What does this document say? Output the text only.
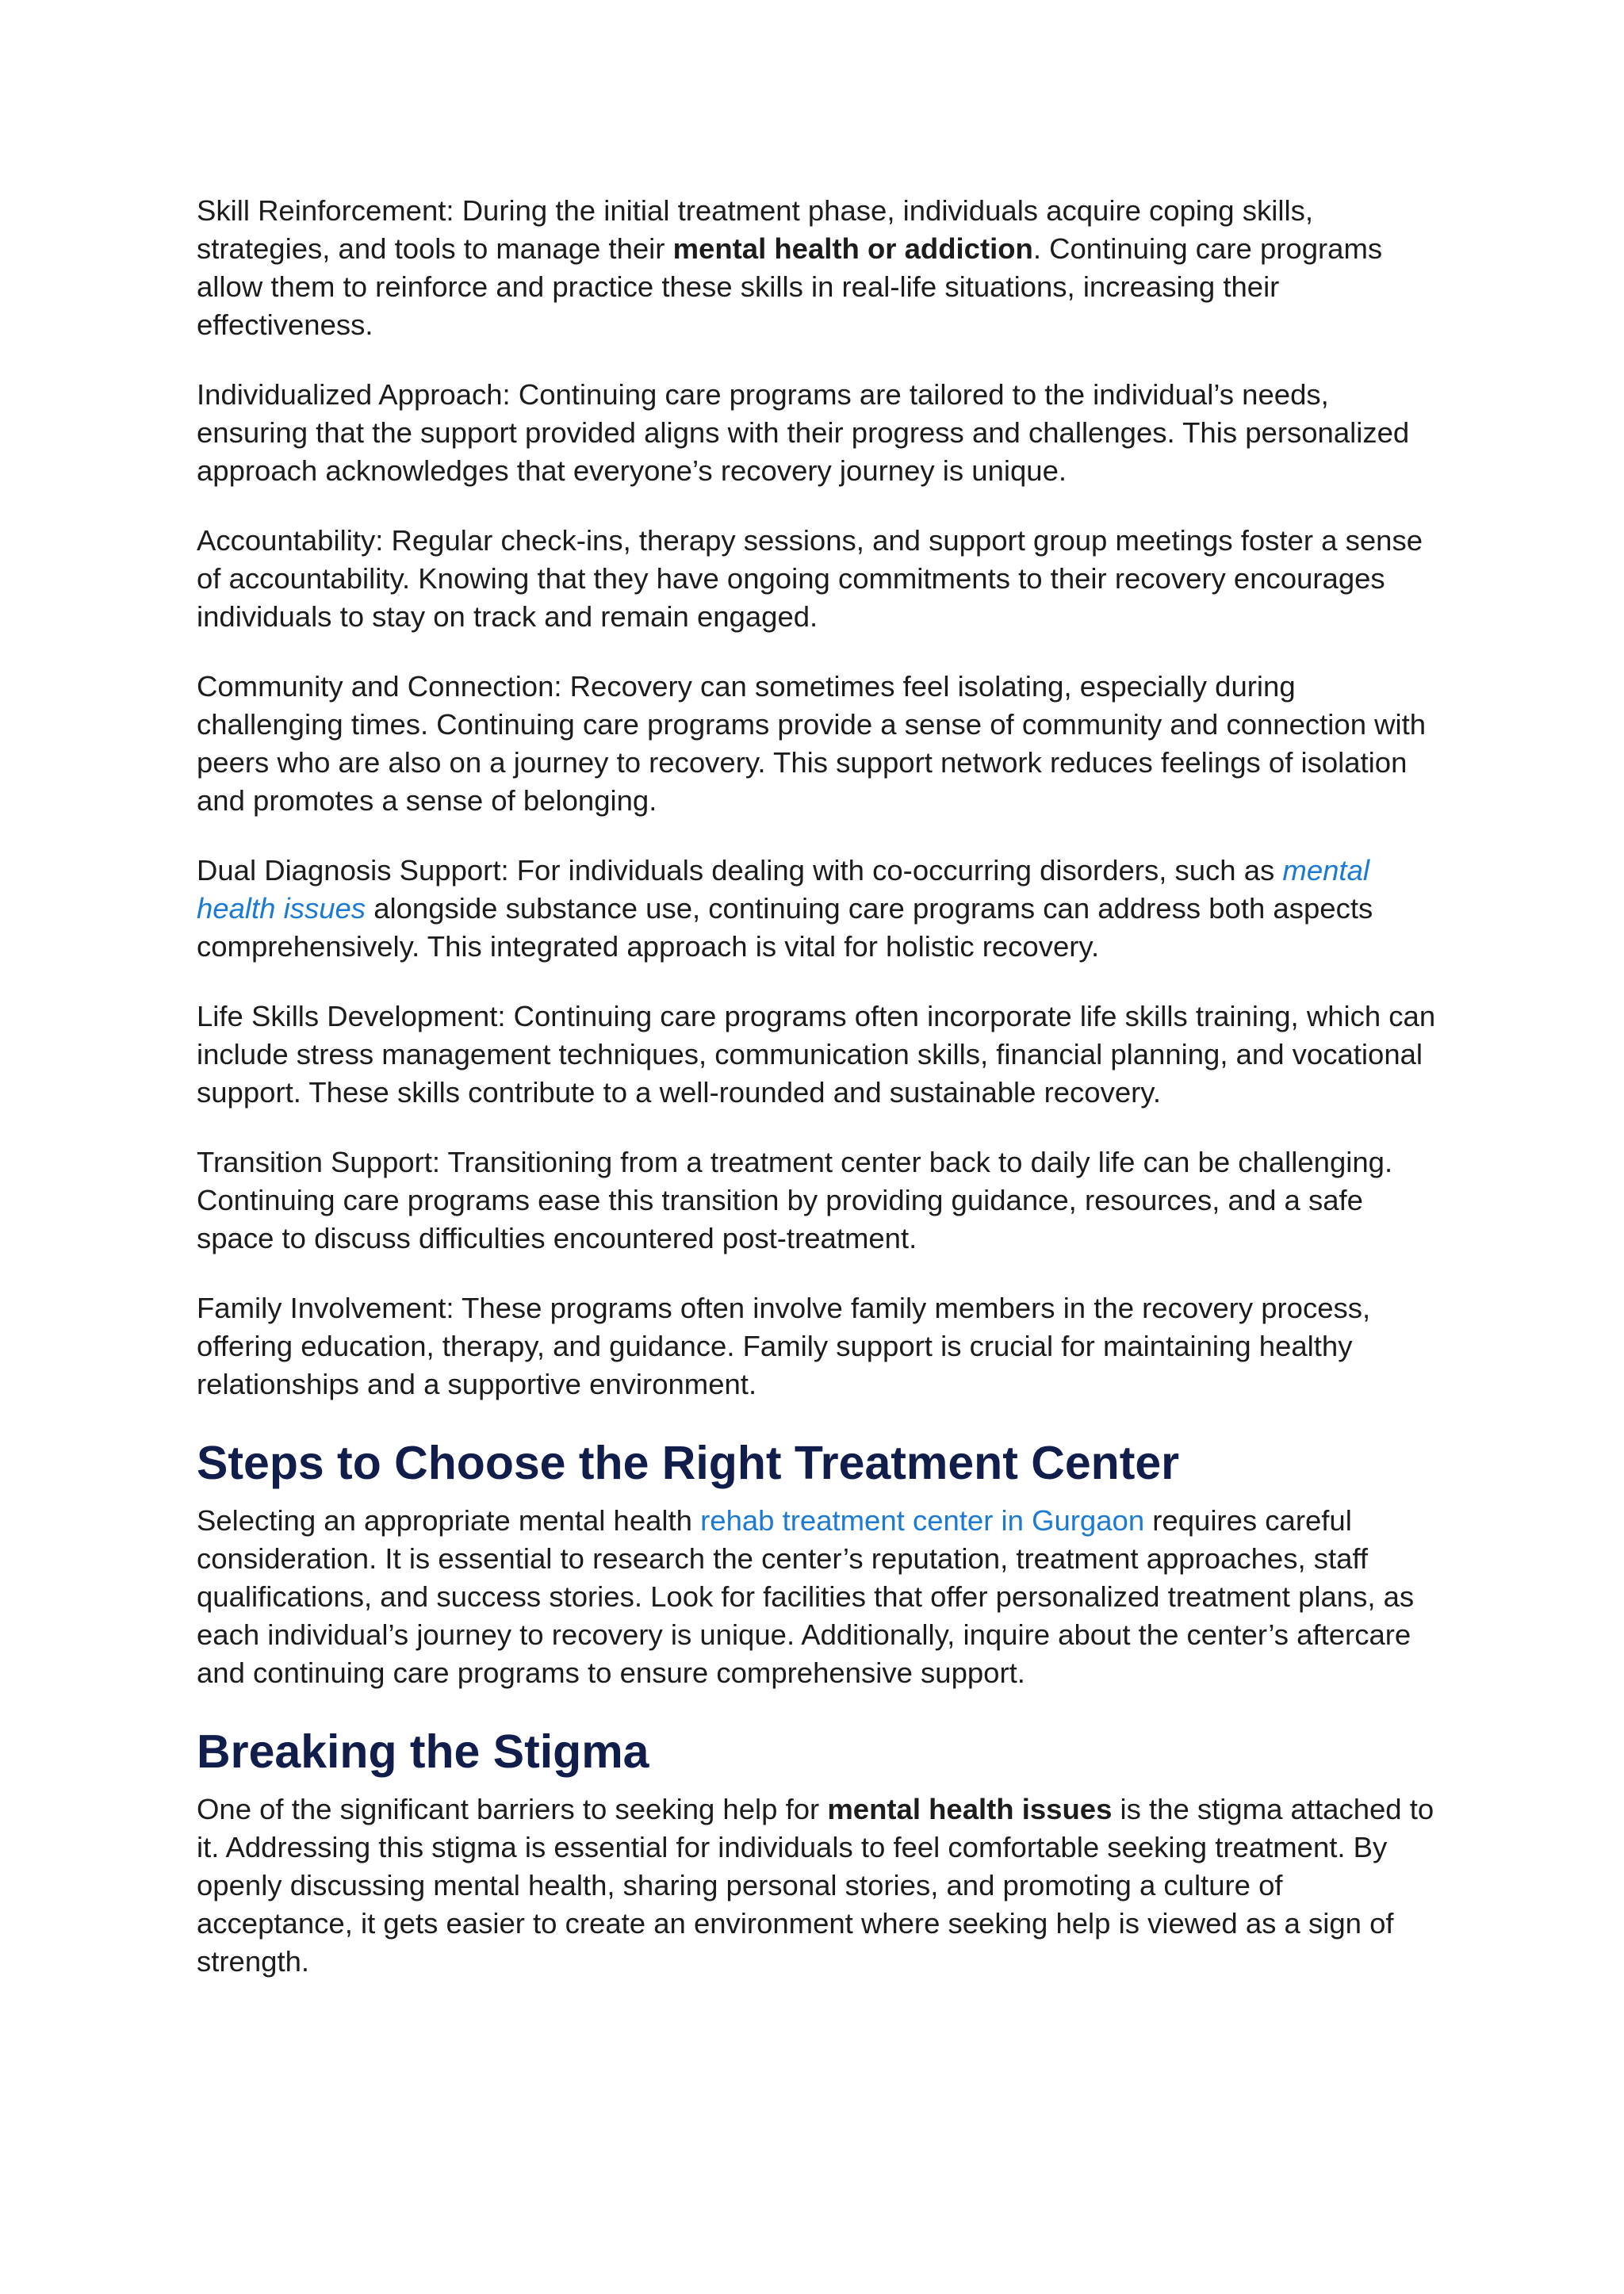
Skill Reinforcement: During the initial treatment phase, individuals acquire coping skills, strategies, and tools to manage their mental health or addiction. Continuing care programs allow them to reinforce and practice these skills in real-life situations, increasing their effectiveness.

Individualized Approach: Continuing care programs are tailored to the individual’s needs, ensuring that the support provided aligns with their progress and challenges. This personalized approach acknowledges that everyone’s recovery journey is unique.

Accountability: Regular check-ins, therapy sessions, and support group meetings foster a sense of accountability. Knowing that they have ongoing commitments to their recovery encourages individuals to stay on track and remain engaged.

Community and Connection: Recovery can sometimes feel isolating, especially during challenging times. Continuing care programs provide a sense of community and connection with peers who are also on a journey to recovery. This support network reduces feelings of isolation and promotes a sense of belonging.

Dual Diagnosis Support: For individuals dealing with co-occurring disorders, such as mental health issues alongside substance use, continuing care programs can address both aspects comprehensively. This integrated approach is vital for holistic recovery.

Life Skills Development: Continuing care programs often incorporate life skills training, which can include stress management techniques, communication skills, financial planning, and vocational support. These skills contribute to a well-rounded and sustainable recovery.

Transition Support: Transitioning from a treatment center back to daily life can be challenging. Continuing care programs ease this transition by providing guidance, resources, and a safe space to discuss difficulties encountered post-treatment.

Family Involvement: These programs often involve family members in the recovery process, offering education, therapy, and guidance. Family support is crucial for maintaining healthy relationships and a supportive environment.

Steps to Choose the Right Treatment Center

Selecting an appropriate mental health rehab treatment center in Gurgaon requires careful consideration. It is essential to research the center’s reputation, treatment approaches, staff qualifications, and success stories. Look for facilities that offer personalized treatment plans, as each individual’s journey to recovery is unique. Additionally, inquire about the center’s aftercare and continuing care programs to ensure comprehensive support.

Breaking the Stigma

One of the significant barriers to seeking help for mental health issues is the stigma attached to it. Addressing this stigma is essential for individuals to feel comfortable seeking treatment. By openly discussing mental health, sharing personal stories, and promoting a culture of acceptance, it gets easier to create an environment where seeking help is viewed as a sign of strength.
